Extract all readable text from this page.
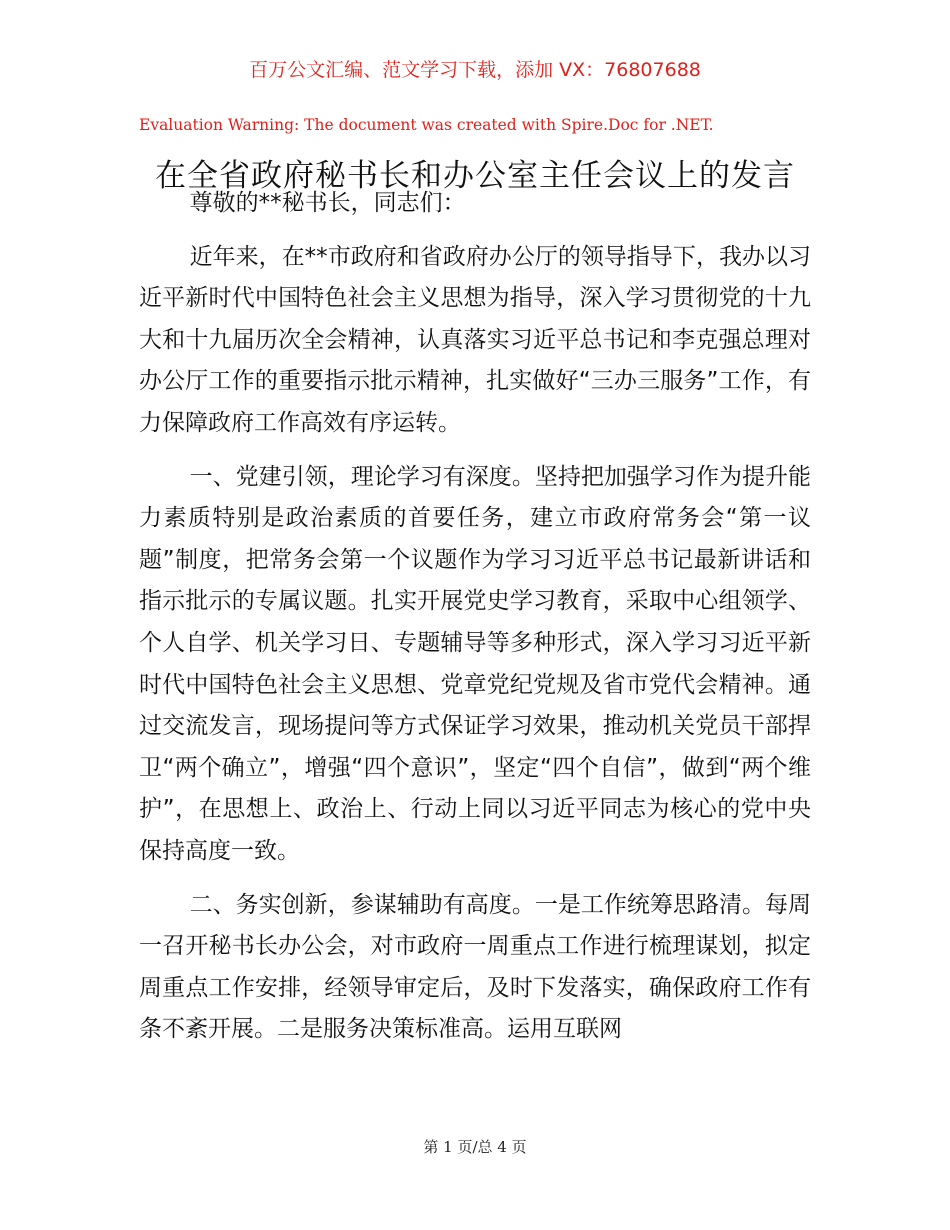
百万公文汇编、范文学习下载，添加 VX：76807688
Evaluation Warning: The document was created with Spire.Doc for .NET.
在全省政府秘书长和办公室主任会议上的发言

尊敬的**秘书长，同志们：

近年来，在**市政府和省政府办公厅的领导指导下，我办以习近平新时代中国特色社会主义思想为指导，深入学习贯彻党的十九大和十九届历次全会精神，认真落实习近平总书记和李克强总理对办公厅工作的重要指示批示精神，扎实做好“三办三服务”工作，有力保障政府工作高效有序运转。

一、党建引领，理论学习有深度。坚持把加强学习作为提升能力素质特别是政治素质的首要任务，建立市政府常务会“第一议题”制度，把常务会第一个议题作为学习习近平总书记最新讲话和指示批示的专属议题。扎实开展党史学习教育，采取中心组领学、个人自学、机关学习日、专题辅导等多种形式，深入学习习近平新时代中国特色社会主义思想、党章党纪党规及省市党代会精神。通过交流发言，现场提问等方式保证学习效果，推动机关党员干部捍卫“两个确立”，增强“四个意识”，坚定“四个自信”，做到“两个维护”，在思想上、政治上、行动上同以习近平同志为核心的党中央保持高度一致。

二、务实创新，参谋辅助有高度。一是工作统筹思路清。每周一召开秘书长办公会，对市政府一周重点工作进行梳理谋划，拟定周重点工作安排，经领导审定后，及时下发落实，确保政府工作有条不紊开展。二是服务决策标准高。运用互联网

第 1 页/总 4 页
